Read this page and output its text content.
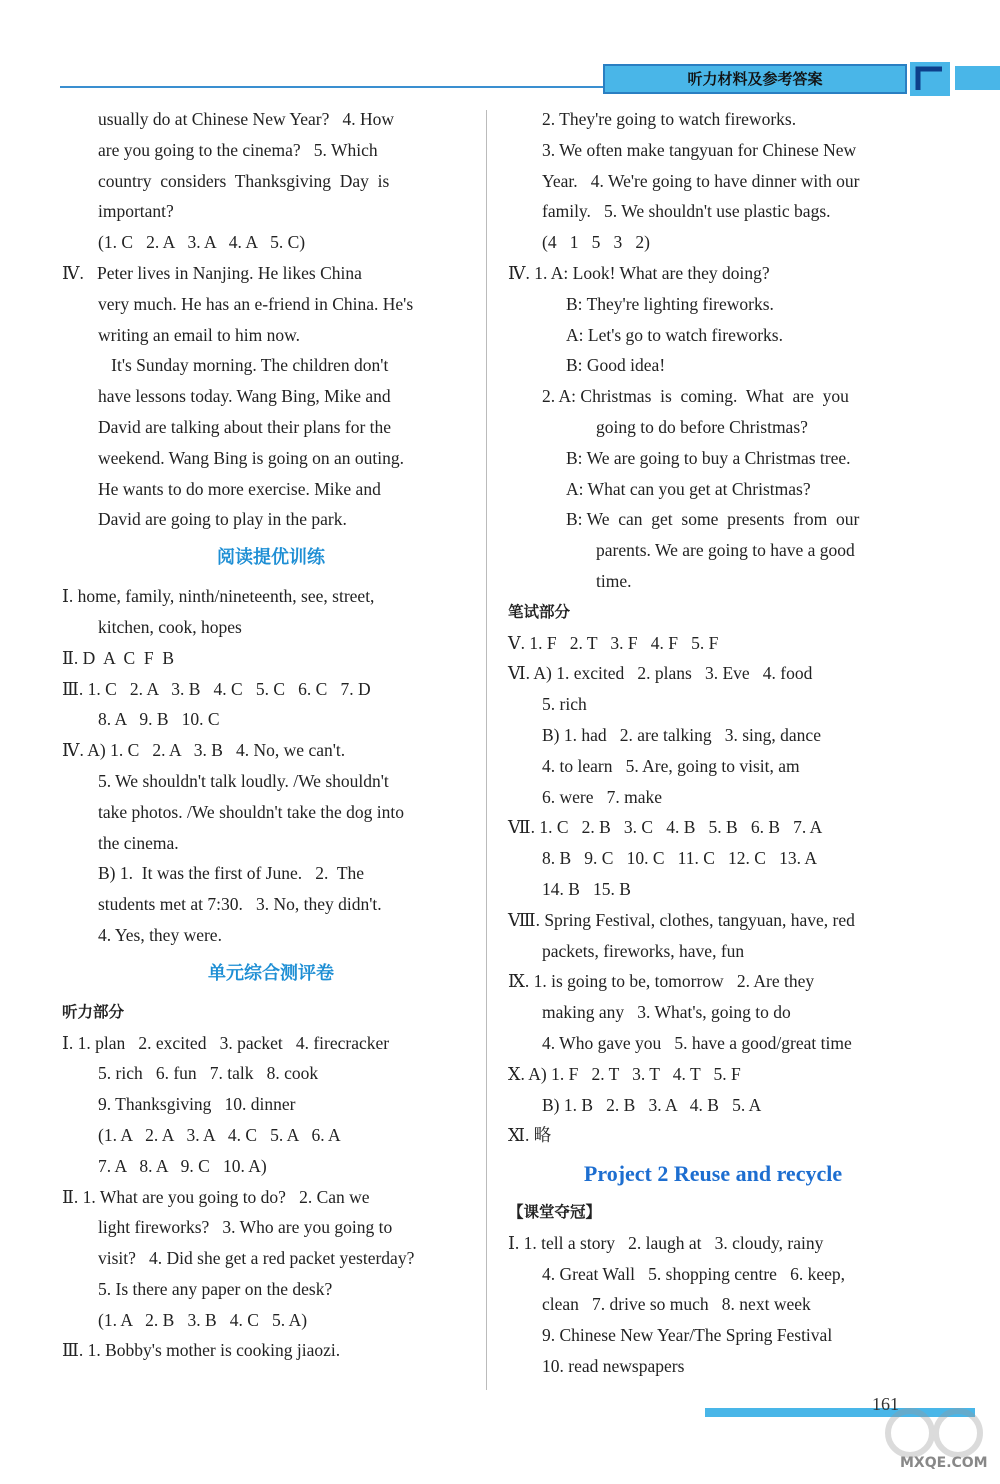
听力材料及参考答案
usually do at Chinese New Year?   4. How
are you going to the cinema?   5. Which
country  considers  Thanksgiving  Day  is
important?
(1. C   2. A   3. A   4. A   5. C)
Ⅳ.   Peter lives in Nanjing. He likes China
very much. He has an e-friend in China. He's
writing an email to him now.
It's Sunday morning. The children don't
have lessons today. Wang Bing, Mike and
David are talking about their plans for the
weekend. Wang Bing is going on an outing.
He wants to do more exercise. Mike and
David are going to play in the park.
阅读提优训练
Ⅰ. home, family, ninth/nineteenth, see, street,
kitchen, cook, hopes
Ⅱ. D  A  C  F  B
Ⅲ. 1. C   2. A   3. B   4. C   5. C   6. C   7. D
8. A   9. B   10. C
Ⅳ. A) 1. C   2. A   3. B   4. No, we can't.
5. We shouldn't talk loudly. /We shouldn't
take photos. /We shouldn't take the dog into
the cinema.
B) 1.  It was the first of June.   2.  The
students met at 7:30.   3. No, they didn't.
4. Yes, they were.
单元综合测评卷
听力部分
Ⅰ. 1. plan   2. excited   3. packet   4. firecracker
5. rich   6. fun   7. talk   8. cook
9. Thanksgiving   10. dinner
(1. A   2. A   3. A   4. C   5. A   6. A
7. A   8. A   9. C   10. A)
Ⅱ. 1. What are you going to do?   2. Can we
light fireworks?   3. Who are you going to
visit?   4. Did she get a red packet yesterday?
5. Is there any paper on the desk?
(1. A   2. B   3. B   4. C   5. A)
Ⅲ. 1. Bobby's mother is cooking jiaozi.
2. They're going to watch fireworks.
3. We often make tangyuan for Chinese New
Year.   4. We're going to have dinner with our
family.   5. We shouldn't use plastic bags.
(4   1   5   3   2)
Ⅳ. 1. A: Look! What are they doing?
B: They're lighting fireworks.
A: Let's go to watch fireworks.
B: Good idea!
2. A: Christmas  is  coming.  What  are  you
going to do before Christmas?
B: We are going to buy a Christmas tree.
A: What can you get at Christmas?
B: We  can  get  some  presents  from  our
parents. We are going to have a good
time.
笔试部分
Ⅴ. 1. F   2. T   3. F   4. F   5. F
Ⅵ. A) 1. excited   2. plans   3. Eve   4. food
5. rich
B) 1. had   2. are talking   3. sing, dance
4. to learn   5. Are, going to visit, am
6. were   7. make
Ⅶ. 1. C   2. B   3. C   4. B   5. B   6. B   7. A
8. B   9. C   10. C   11. C   12. C   13. A
14. B   15. B
Ⅷ. Spring Festival, clothes, tangyuan, have, red
packets, fireworks, have, fun
Ⅸ. 1. is going to be, tomorrow   2. Are they
making any   3. What's, going to do
4. Who gave you   5. have a good/great time
Ⅹ. A) 1. F   2. T   3. T   4. T   5. F
B) 1. B   2. B   3. A   4. B   5. A
Ⅺ. 略
Project 2 Reuse and recycle
【课堂夺冠】
Ⅰ. 1. tell a story   2. laugh at   3. cloudy, rainy
4. Great Wall   5. shopping centre   6. keep,
clean   7. drive so much   8. next week
9. Chinese New Year/The Spring Festival
10. read newspapers
161
MXQE.COM
